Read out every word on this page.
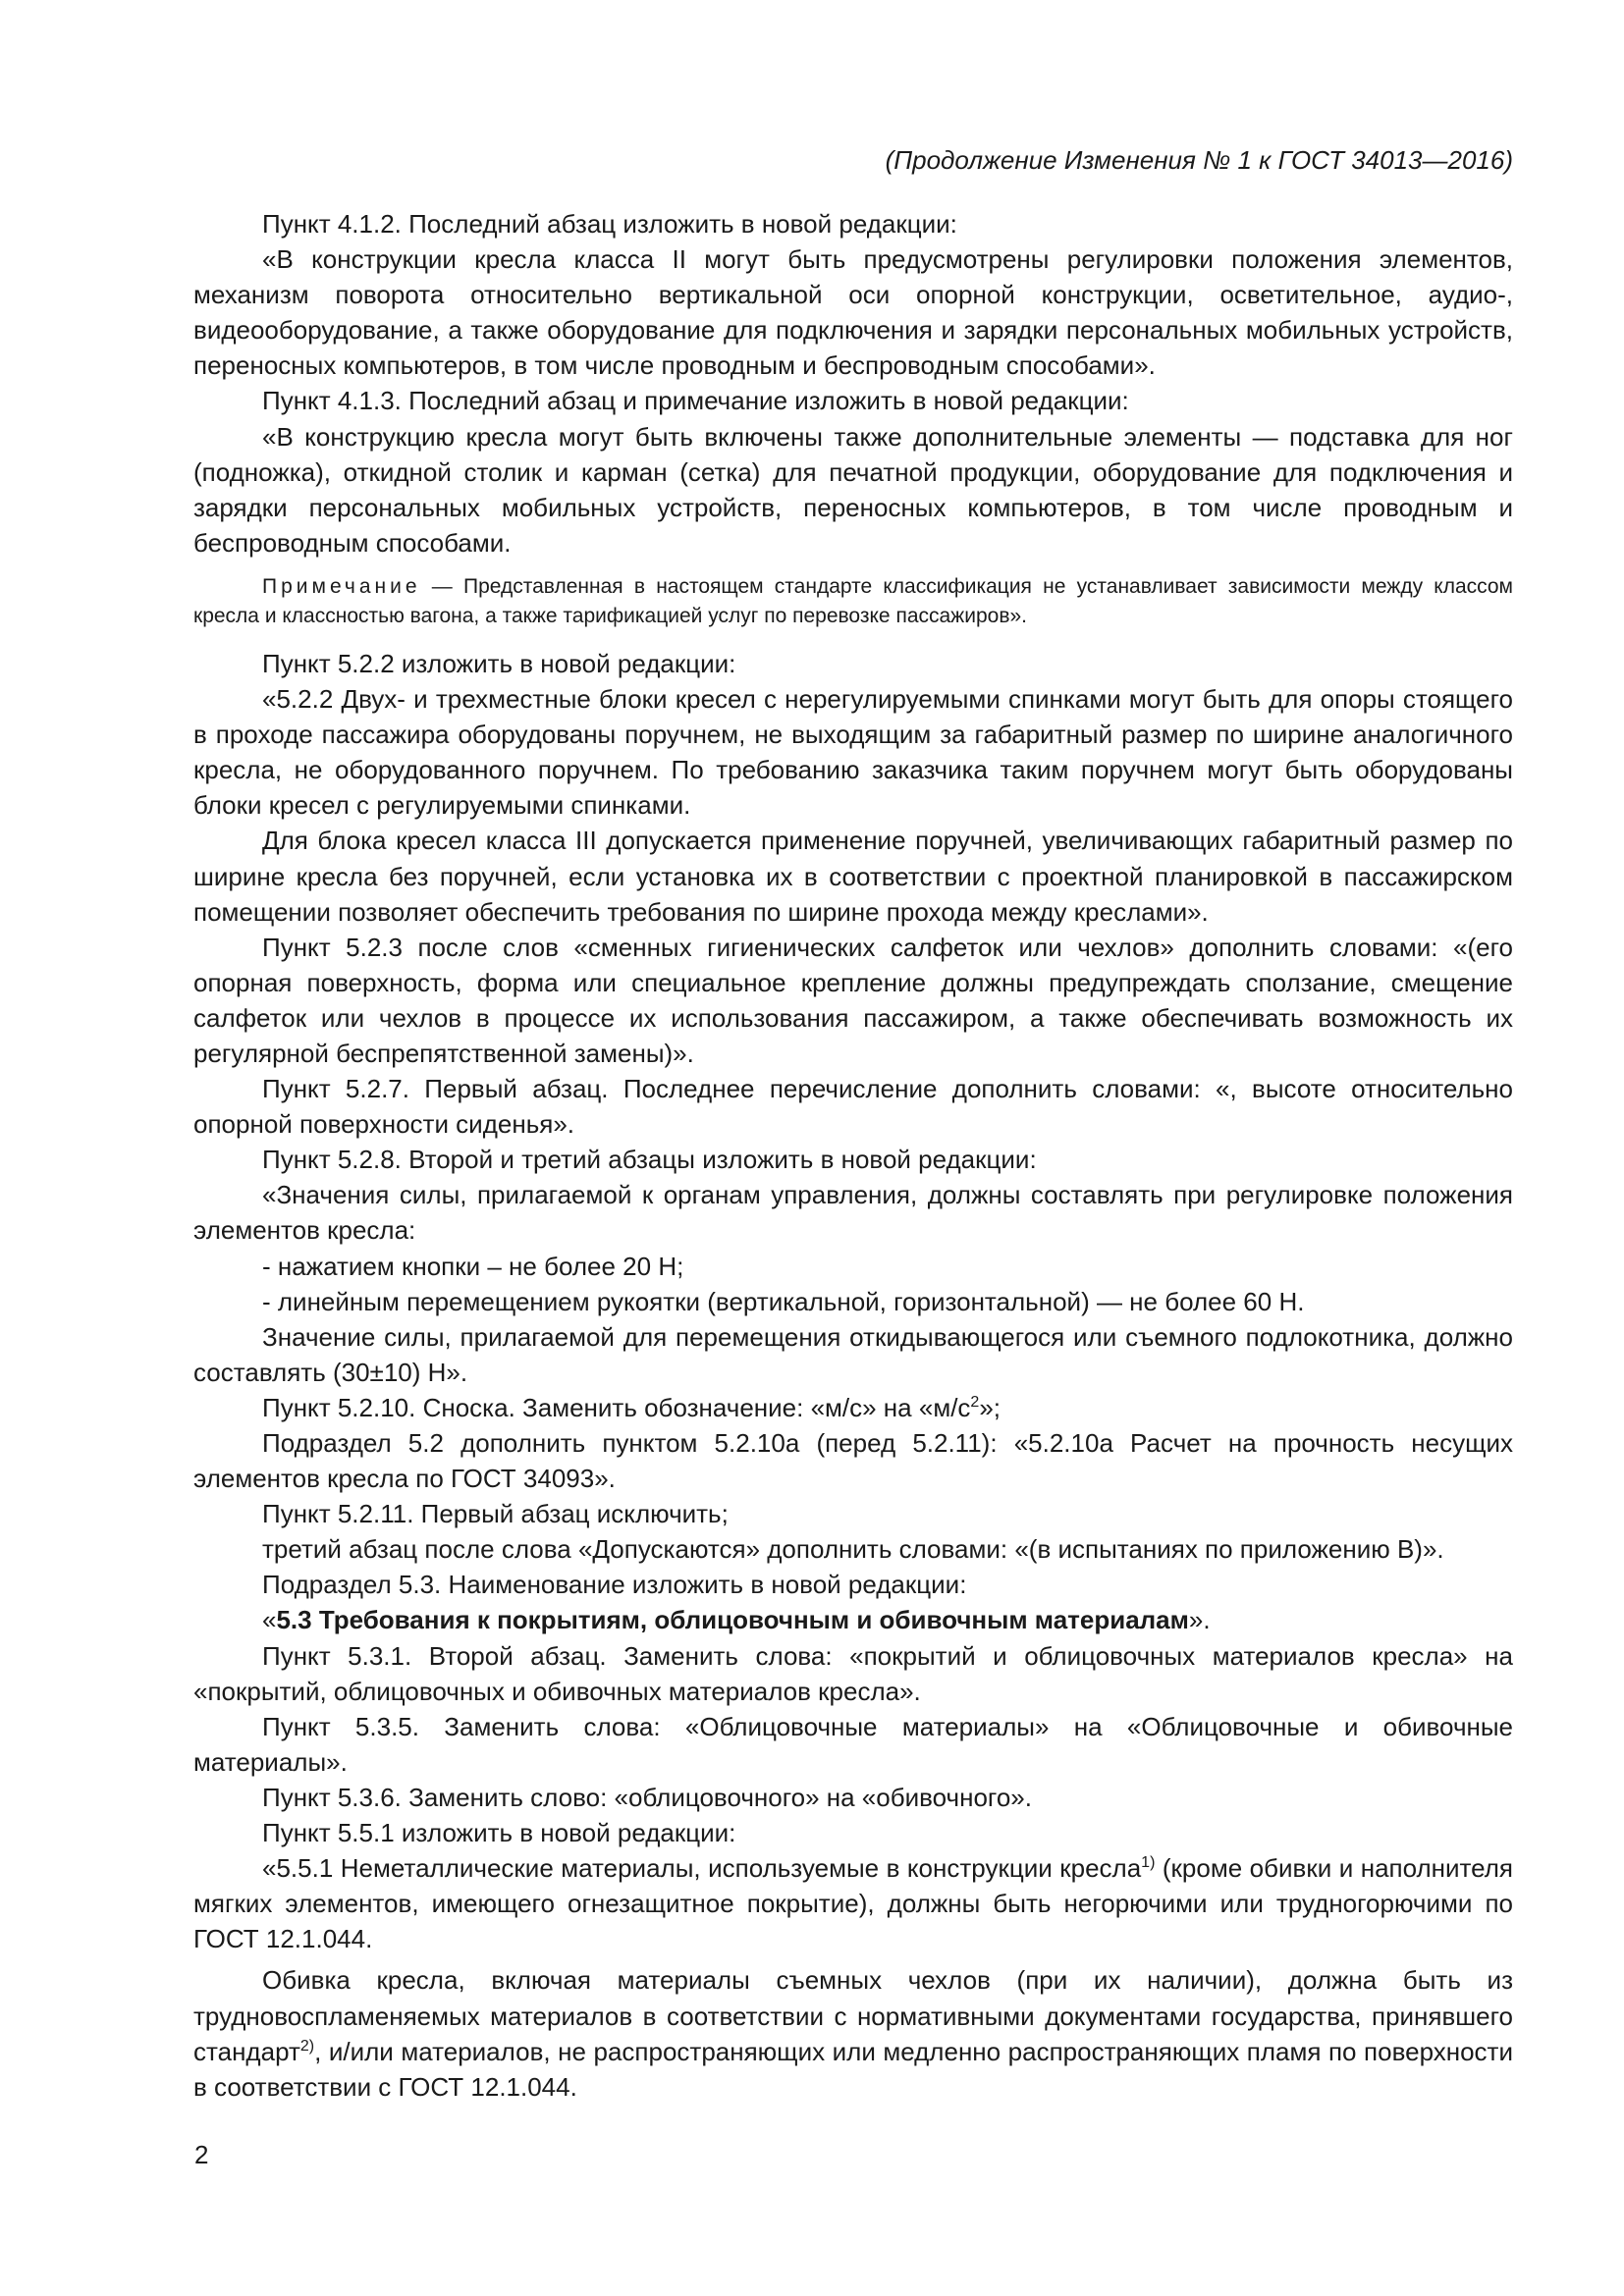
(Продолжение Изменения № 1 к ГОСТ 34013—2016)

Пункт 4.1.2. Последний абзац изложить в новой редакции:

«В конструкции кресла класса II могут быть предусмотрены регулировки положения элементов, механизм поворота относительно вертикальной оси опорной конструкции, осветительное, аудио-, видеооборудование, а также оборудование для подключения и зарядки персональных мобильных устройств, переносных компьютеров, в том числе проводным и беспроводным способами».

Пункт 4.1.3. Последний абзац и примечание изложить в новой редакции:

«В конструкцию кресла могут быть включены также дополнительные элементы — подставка для ног (подножка), откидной столик и карман (сетка) для печатной продукции, оборудование для подключения и зарядки персональных мобильных устройств, переносных компьютеров, в том числе проводным и беспроводным способами.

Примечание — Представленная в настоящем стандарте классификация не устанавливает зависимости между классом кресла и классностью вагона, а также тарификацией услуг по перевозке пассажиров».

Пункт 5.2.2 изложить в новой редакции:

«5.2.2 Двух- и трехместные блоки кресел с нерегулируемыми спинками могут быть для опоры стоящего в проходе пассажира оборудованы поручнем, не выходящим за габаритный размер по ширине аналогичного кресла, не оборудованного поручнем. По требованию заказчика таким поручнем могут быть оборудованы блоки кресел с регулируемыми спинками.

Для блока кресел класса III допускается применение поручней, увеличивающих габаритный размер по ширине кресла без поручней, если установка их в соответствии с проектной планировкой в пассажирском помещении позволяет обеспечить требования по ширине прохода между креслами».

Пункт 5.2.3 после слов «сменных гигиенических салфеток или чехлов» дополнить словами: «(его опорная поверхность, форма или специальное крепление должны предупреждать сползание, смещение салфеток или чехлов в процессе их использования пассажиром, а также обеспечивать возможность их регулярной беспрепятственной замены)».

Пункт 5.2.7. Первый абзац. Последнее перечисление дополнить словами: «, высоте относительно опорной поверхности сиденья».

Пункт 5.2.8. Второй и третий абзацы изложить в новой редакции:

«Значения силы, прилагаемой к органам управления, должны составлять при регулировке положения элементов кресла:

- нажатием кнопки – не более 20 Н;

- линейным перемещением рукоятки (вертикальной, горизонтальной) — не более 60 Н.

Значение силы, прилагаемой для перемещения откидывающегося или съемного подлокотника, должно составлять (30±10) Н».

Пункт 5.2.10. Сноска. Заменить обозначение: «м/с» на «$м/с^2$»;

Подраздел 5.2 дополнить пунктом 5.2.10а (перед 5.2.11): «5.2.10а Расчет на прочность несущих элементов кресла по ГОСТ 34093».

Пункт 5.2.11. Первый абзац исключить;

третий абзац после слова «Допускаются» дополнить словами: «(в испытаниях по приложению В)».

Подраздел 5.3. Наименование изложить в новой редакции:

«5.3 Требования к покрытиям, облицовочным и обивочным материалам».

Пункт 5.3.1. Второй абзац. Заменить слова: «покрытий и облицовочных материалов кресла» на «покрытий, облицовочных и обивочных материалов кресла».

Пункт 5.3.5. Заменить слова: «Облицовочные материалы» на «Облицовочные и обивочные материалы».

Пункт 5.3.6. Заменить слово: «облицовочного» на «обивочного».

Пункт 5.5.1 изложить в новой редакции:

«5.5.1 Неметаллические материалы, используемые в конструкции кресла$^{1)}$ (кроме обивки и наполнителя мягких элементов, имеющего огнезащитное покрытие), должны быть негорючими или трудногорючими по ГОСТ 12.1.044.

Обивка кресла, включая материалы съемных чехлов (при их наличии), должна быть из трудновоспламеняемых материалов в соответствии с нормативными документами государства, принявшего стандарт$^{2)}$, и/или материалов, не распространяющих или медленно распространяющих пламя по поверхности в соответствии с ГОСТ 12.1.044.

2
